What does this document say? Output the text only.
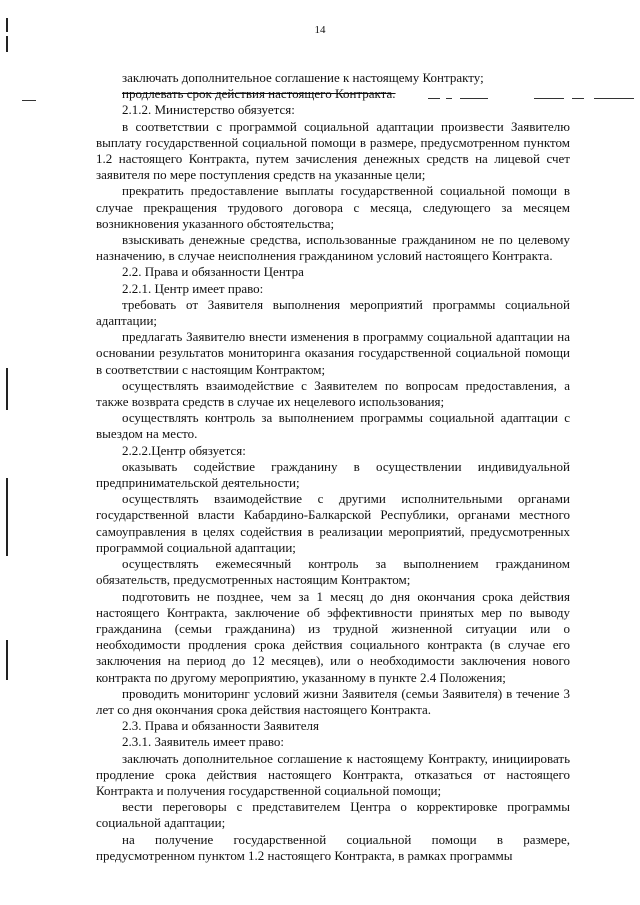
14

заключать дополнительное соглашение к настоящему Контракту;

продлевать срок действия настоящего Контракта.

2.1.2. Министерство обязуется:

в соответствии с программой социальной адаптации произвести Заявителю выплату государственной социальной помощи в размере, предусмотренном пунктом 1.2 настоящего Контракта, путем зачисления денежных средств на лицевой счет заявителя по мере поступления средств на указанные цели;

прекратить предоставление выплаты государственной социальной помощи в случае прекращения трудового договора с месяца, следующего за месяцем возникновения указанного обстоятельства;

взыскивать денежные средства, использованные гражданином не по целевому назначению, в случае неисполнения гражданином условий настоящего Контракта.

2.2. Права и обязанности Центра

2.2.1. Центр имеет право:

требовать от Заявителя выполнения мероприятий программы социальной адаптации;

предлагать Заявителю внести изменения в программу социальной адаптации на основании результатов мониторинга оказания государственной социальной помощи в соответствии с настоящим Контрактом;

осуществлять взаимодействие с Заявителем по вопросам предоставления, а также возврата средств в случае их нецелевого использования;

осуществлять контроль за выполнением программы социальной адаптации с выездом на место.

2.2.2.Центр обязуется:

оказывать содействие гражданину в осуществлении индивидуальной предпринимательской деятельности;

осуществлять взаимодействие с другими исполнительными органами государственной власти Кабардино-Балкарской Республики, органами местного самоуправления в целях содействия в реализации мероприятий, предусмотренных программой социальной адаптации;

осуществлять ежемесячный контроль за выполнением гражданином обязательств, предусмотренных настоящим Контрактом;

подготовить не позднее, чем за 1 месяц до дня окончания срока действия настоящего Контракта, заключение об эффективности принятых мер по выводу гражданина (семьи гражданина) из трудной жизненной ситуации или о необходимости продления срока действия социального контракта (в случае его заключения на период до 12 месяцев), или о необходимости заключения нового контракта по другому мероприятию, указанному в пункте 2.4 Положения;

проводить мониторинг условий жизни Заявителя (семьи Заявителя) в течение 3 лет со дня окончания срока действия настоящего Контракта.

2.3. Права и обязанности Заявителя

2.3.1. Заявитель имеет право:

заключать дополнительное соглашение к настоящему Контракту, инициировать продление срока действия настоящего Контракта, отказаться от настоящего Контракта и получения государственной социальной помощи;

вести переговоры с представителем Центра о корректировке программы социальной адаптации;

на получение государственной социальной помощи в размере, предусмотренном пунктом 1.2 настоящего Контракта, в рамках программы
